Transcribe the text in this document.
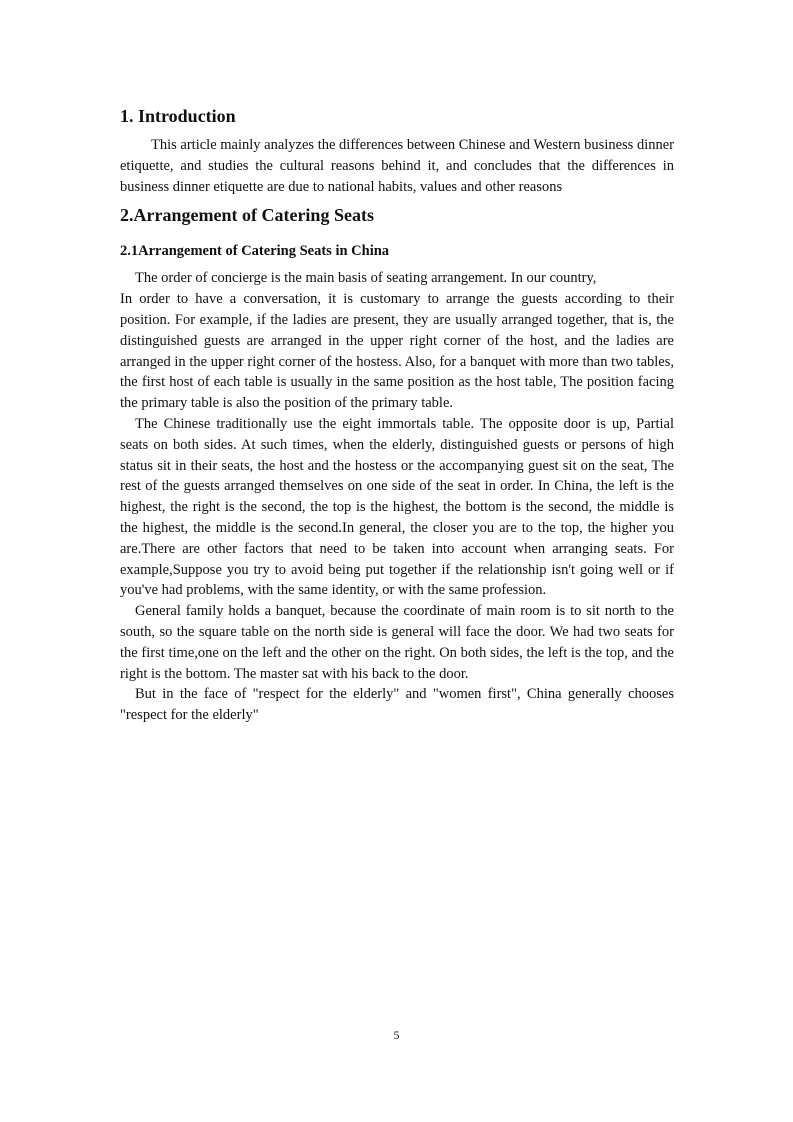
1. Introduction

This article mainly analyzes the differences between Chinese and Western business dinner etiquette, and studies the cultural reasons behind it, and concludes that the differences in business dinner etiquette are due to national habits, values and other reasons

2.Arrangement of Catering Seats
2.1Arrangement of Catering Seats in China

The order of concierge is the main basis of seating arrangement. In our country,

In order to have a conversation, it is customary to arrange the guests according to their position. For example, if the ladies are present, they are usually arranged together, that is, the distinguished guests are arranged in the upper right corner of the host, and the ladies are arranged in the upper right corner of the hostess. Also, for a banquet with more than two tables, the first host of each table is usually in the same position as the host table, The position facing the primary table is also the position of the primary table.

The Chinese traditionally use the eight immortals table. The opposite door is up, Partial seats on both sides. At such times, when the elderly, distinguished guests or persons of high status sit in their seats, the host and the hostess or the accompanying guest sit on the seat, The rest of the guests arranged themselves on one side of the seat in order. In China, the left is the highest, the right is the second, the top is the highest, the bottom is the second, the middle is the highest, the middle is the second.In general, the closer you are to the top, the higher you are.There are other factors that need to be taken into account when arranging seats. For example,Suppose you try to avoid being put together if the relationship isn't going well or if you've had problems, with the same identity, or with the same profession.

General family holds a banquet, because the coordinate of main room is to sit north to the south, so the square table on the north side is general will face the door. We had two seats for the first time,one on the left and the other on the right. On both sides, the left is the top, and the right is the bottom. The master sat with his back to the door.

But in the face of "respect for the elderly" and "women first", China generally chooses "respect for the elderly"

5
